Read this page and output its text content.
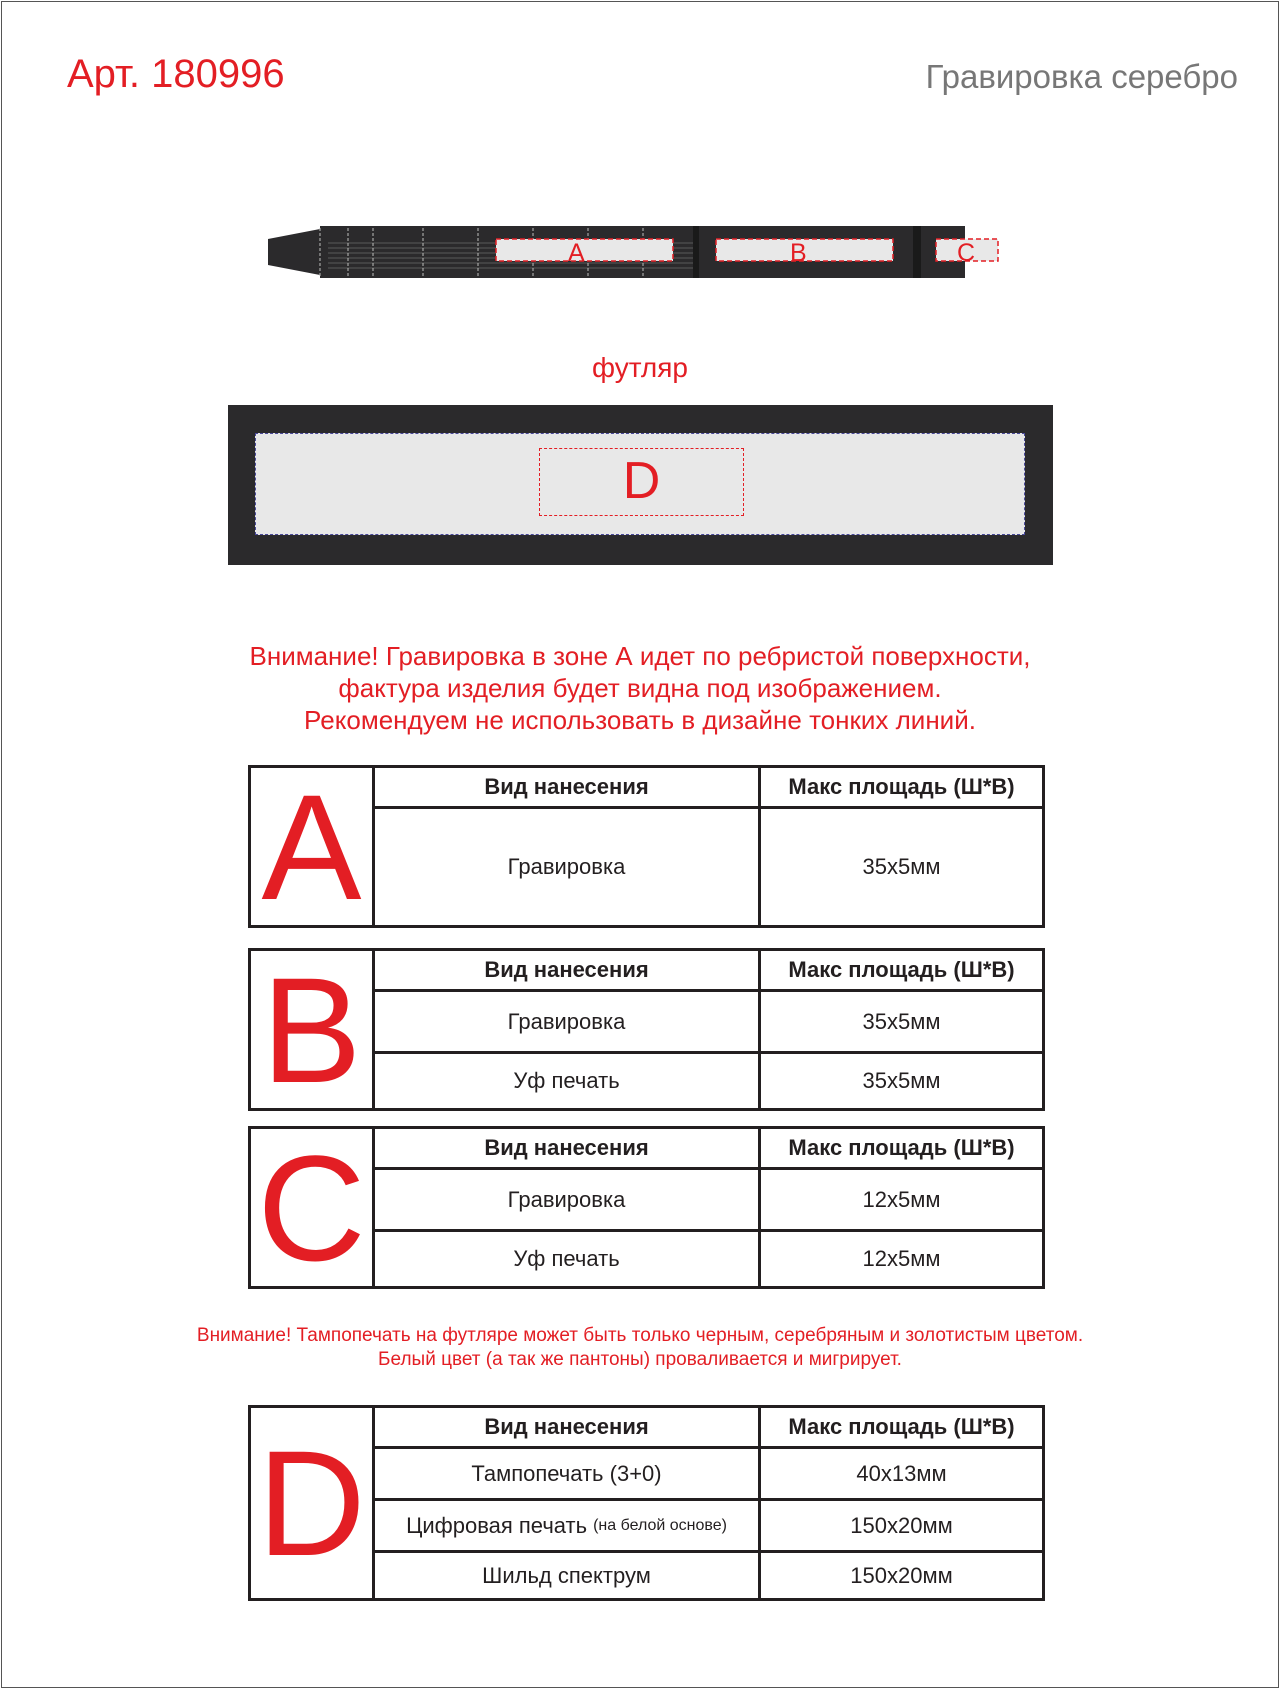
Арт. 180996	Гравировка серебро
A	B	C
футляр
D
Внимание! Гравировка в зоне А идет по ребристой поверхности,
фактура изделия будет видна под изображением.
Рекомендуем не использовать в дизайне тонких линий.
A	Вид нанесения	Макс площадь (Ш*В)
Гравировка	35х5мм
B	Вид нанесения	Макс площадь (Ш*В)
Гравировка	35х5мм
Уф печать	35х5мм
C	Вид нанесения	Макс площадь (Ш*В)
Гравировка	12х5мм
Уф печать	12х5мм
Внимание! Тампопечать на футляре может быть только черным, серебряным и золотистым цветом.
Белый цвет (а так же пантоны) проваливается и мигрирует.
D	Вид нанесения	Макс площадь (Ш*В)
Тампопечать (3+0)	40х13мм
Цифровая печать (на белой основе)	150х20мм
Шильд спектрум	150х20мм
